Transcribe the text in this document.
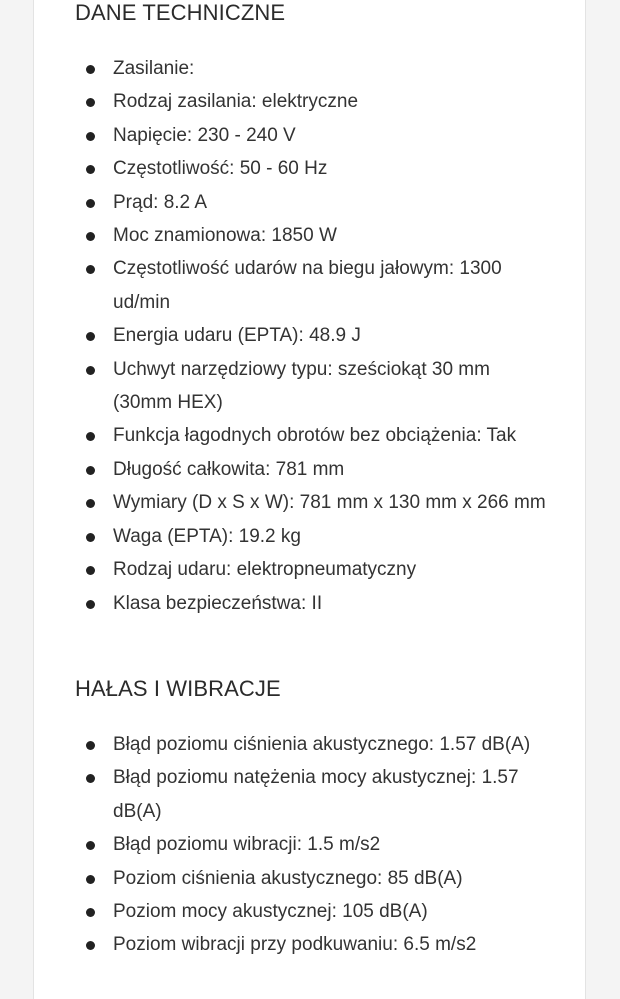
DANE TECHNICZNE
Zasilanie:
Rodzaj zasilania: elektryczne
Napięcie: 230 - 240 V
Częstotliwość: 50 - 60 Hz
Prąd: 8.2 A
Moc znamionowa: 1850 W
Częstotliwość udarów na biegu jałowym: 1300 ud/min
Energia udaru (EPTA): 48.9 J
Uchwyt narzędziowy typu: sześciokąt 30 mm (30mm HEX)
Funkcja łagodnych obrotów bez obciążenia: Tak
Długość całkowita: 781 mm
Wymiary (D x S x W): 781 mm x 130 mm x 266 mm
Waga (EPTA): 19.2 kg
Rodzaj udaru: elektropneumatyczny
Klasa bezpieczeństwa: II
HAŁAS I WIBRACJE
Błąd poziomu ciśnienia akustycznego: 1.57 dB(A)
Błąd poziomu natężenia mocy akustycznej: 1.57 dB(A)
Błąd poziomu wibracji: 1.5 m/s2
Poziom ciśnienia akustycznego: 85 dB(A)
Poziom mocy akustycznej: 105 dB(A)
Poziom wibracji przy podkuwaniu: 6.5 m/s2
